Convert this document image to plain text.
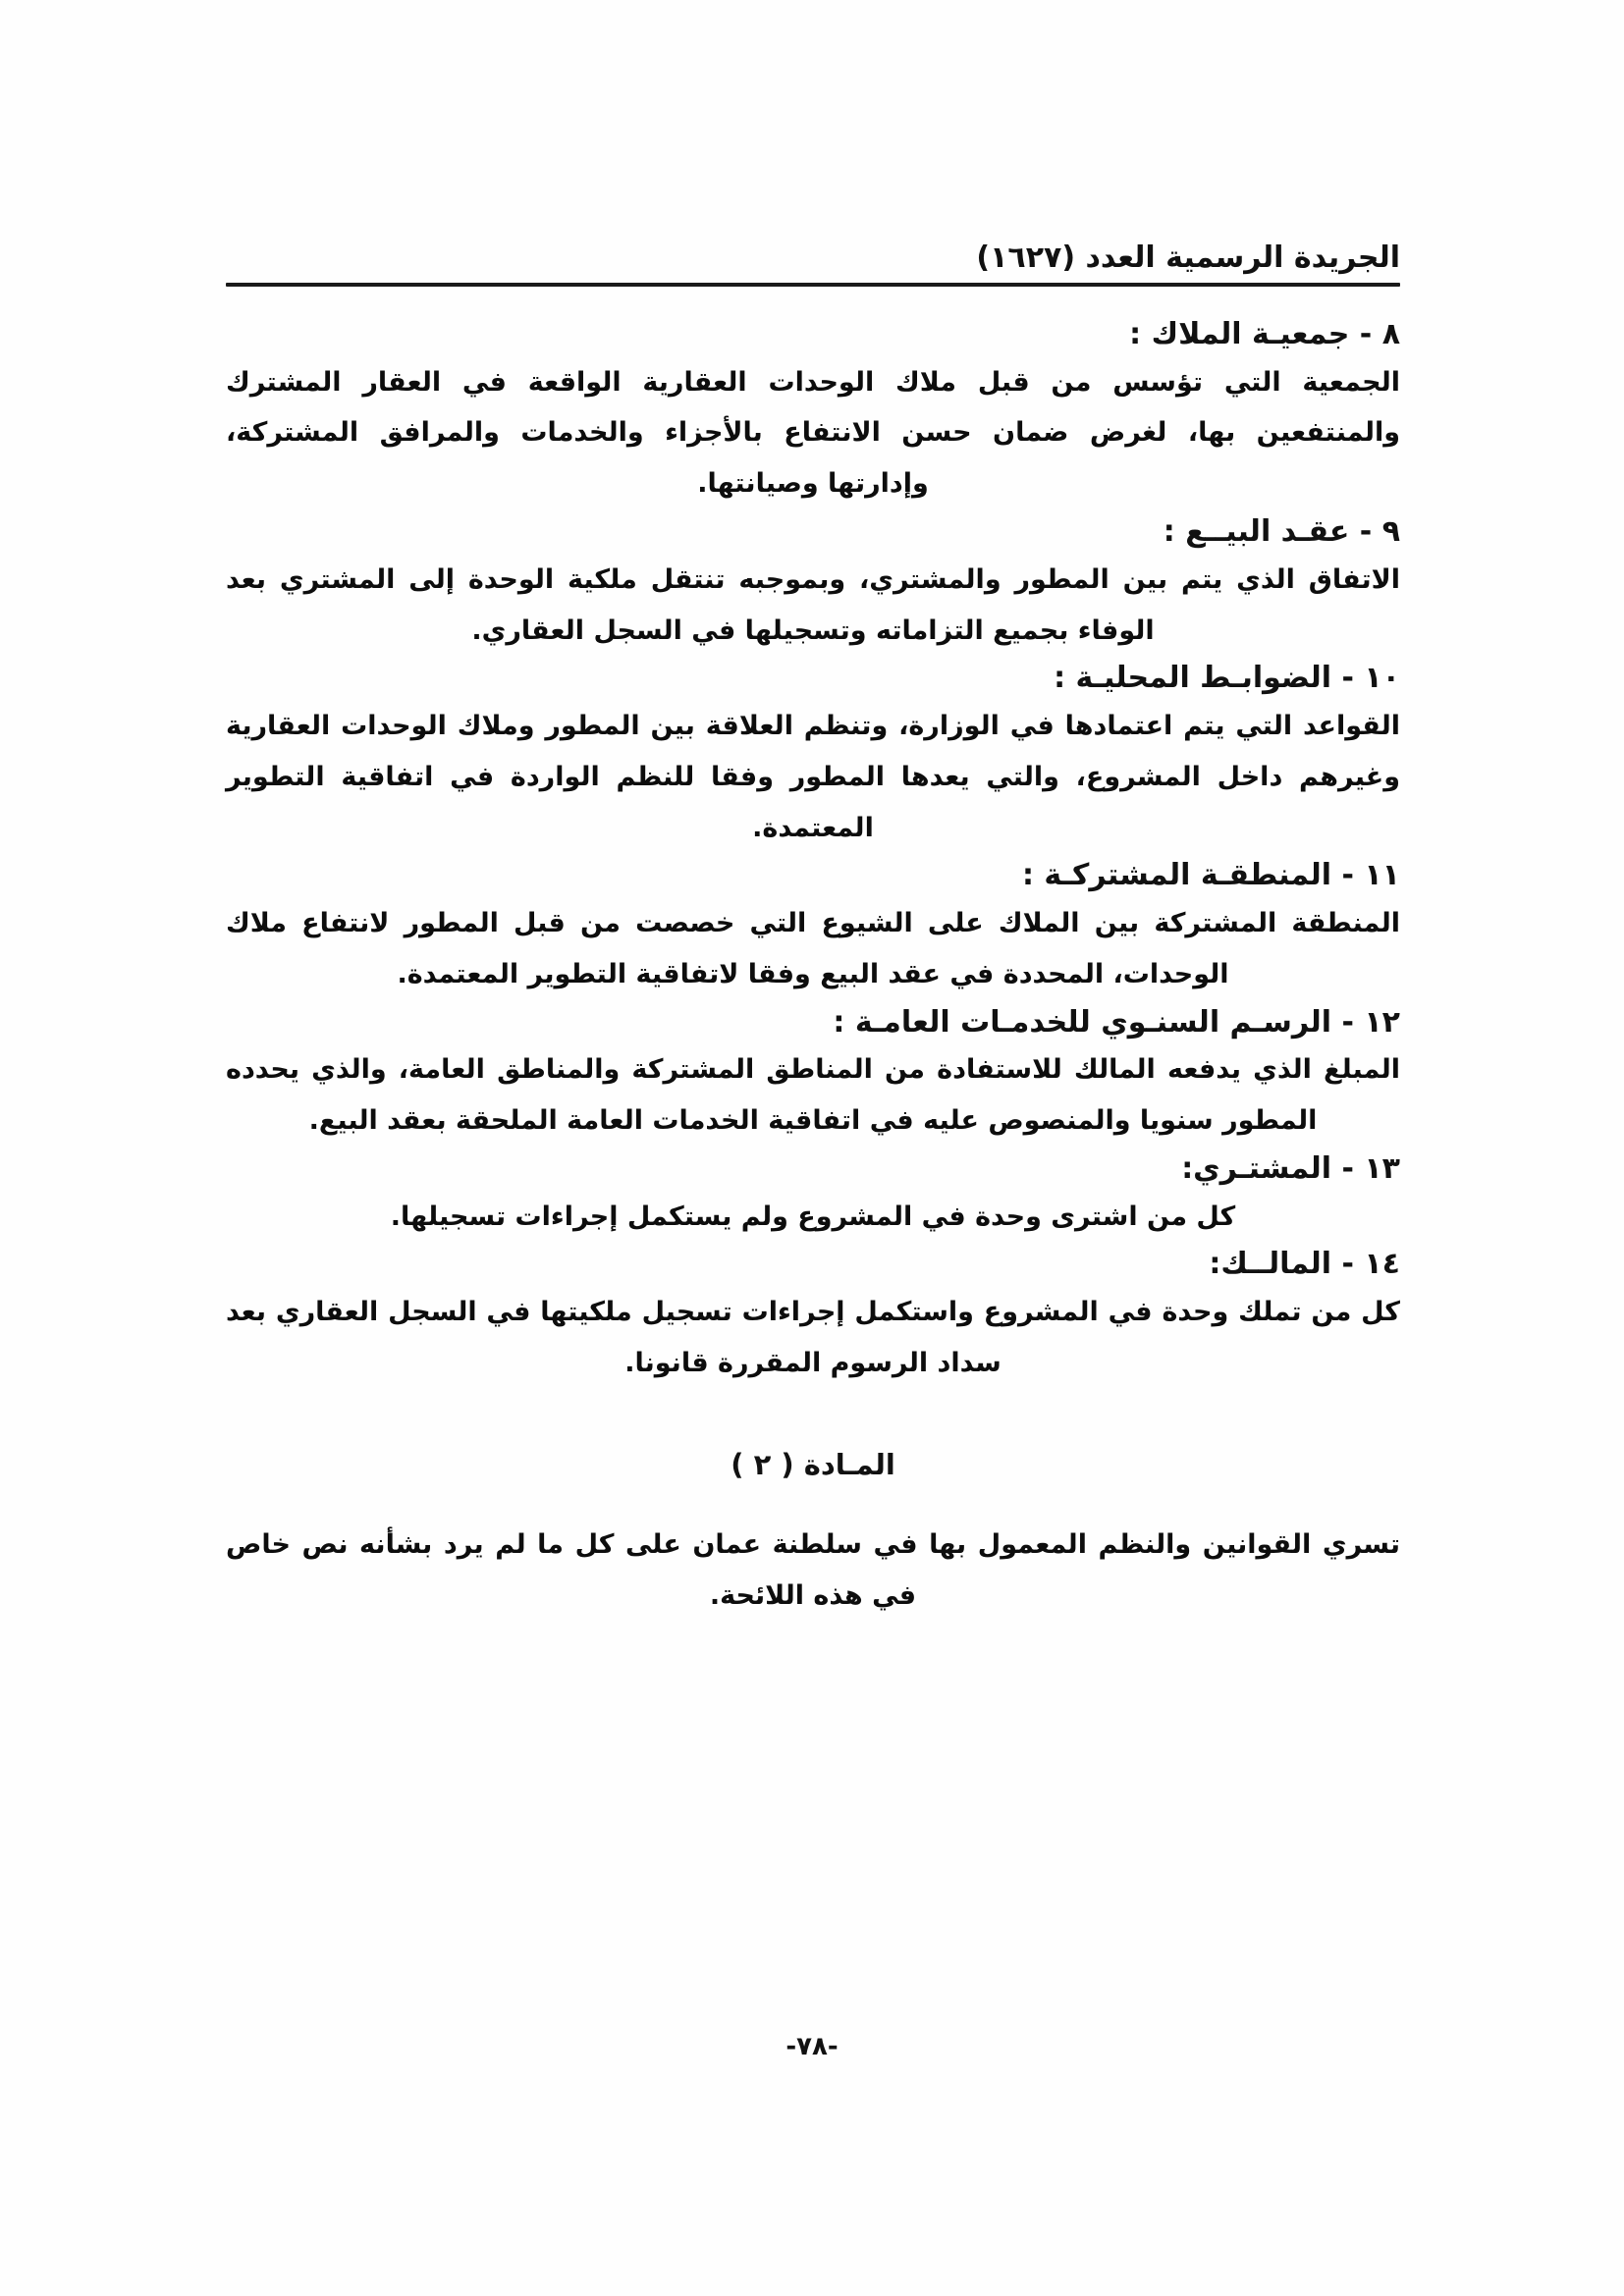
الجريدة الرسمية العدد (١٦٢٧)
٨ - جمعيـة الملاك :
الجمعية التي تؤسس من قبل ملاك الوحدات العقارية الواقعة في العقار المشترك والمنتفعين بها، لغرض ضمان حسن الانتفاع بالأجزاء والخدمات والمرافق المشتركة، وإدارتها وصيانتها.
٩ - عقـد البيــع :
الاتفاق الذي يتم بين المطور والمشتري، وبموجبه تنتقل ملكية الوحدة إلى المشتري بعد الوفاء بجميع التزاماته وتسجيلها في السجل العقاري.
١٠ - الضوابـط المحليـة :
القواعد التي يتم اعتمادها في الوزارة، وتنظم العلاقة بين المطور وملاك الوحدات العقارية وغيرهم داخل المشروع، والتي يعدها المطور وفقا للنظم الواردة في اتفاقية التطوير المعتمدة.
١١ - المنطقـة المشتركـة :
المنطقة المشتركة بين الملاك على الشيوع التي خصصت من قبل المطور لانتفاع ملاك الوحدات، المحددة في عقد البيع وفقا لاتفاقية التطوير المعتمدة.
١٢ - الرسـم السنـوي للخدمـات العامـة :
المبلغ الذي يدفعه المالك للاستفادة من المناطق المشتركة والمناطق العامة، والذي يحدده المطور سنويا والمنصوص عليه في اتفاقية الخدمات العامة الملحقة بعقد البيع.
١٣ - المشتـري:
كل من اشترى وحدة في المشروع ولم يستكمل إجراءات تسجيلها.
١٤ - المالــك:
كل من تملك وحدة في المشروع واستكمل إجراءات تسجيل ملكيتها في السجل العقاري بعد سداد الرسوم المقررة قانونا.
المـادة ( ٢ )
تسري القوانين والنظم المعمول بها في سلطنة عمان على كل ما لم يرد بشأنه نص خاص في هذه اللائحة.
-٧٨-
